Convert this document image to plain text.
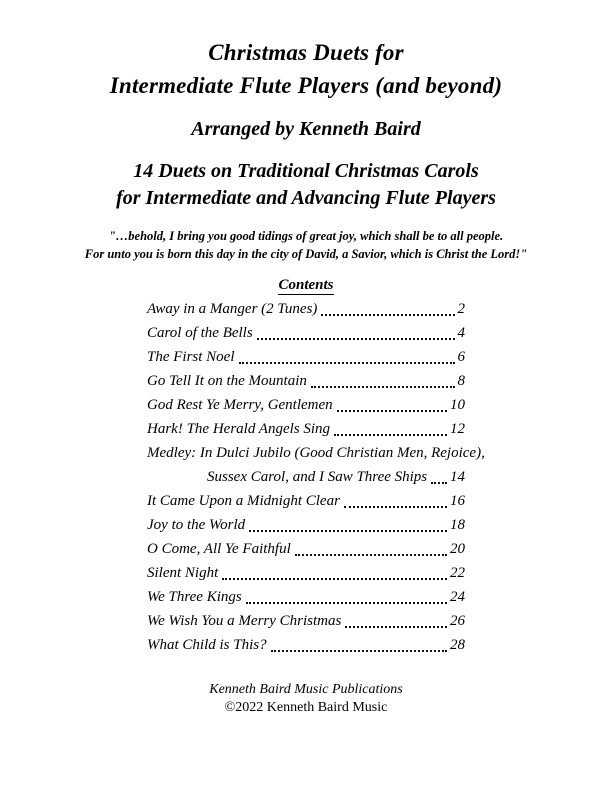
Christmas Duets for
Intermediate Flute Players (and beyond)
Arranged by Kenneth Baird
14 Duets on Traditional Christmas Carols
for Intermediate and Advancing Flute Players
"…behold, I bring you good tidings of great joy, which shall be to all people.
For unto you is born this day in the city of David, a Savior, which is Christ the Lord!"
Contents
Away in a Manger (2 Tunes)	2
Carol of the Bells	4
The First Noel	6
Go Tell It on the Mountain	8
God Rest Ye Merry, Gentlemen	10
Hark! The Herald Angels Sing	12
Medley: In Dulci Jubilo (Good Christian Men, Rejoice),
Sussex Carol, and I Saw Three Ships 14
It Came Upon a Midnight Clear	16
Joy to the World	18
O Come, All Ye Faithful	20
Silent Night	22
We Three Kings	24
We Wish You a Merry Christmas	26
What Child is This?	28
Kenneth Baird Music Publications
©2022 Kenneth Baird Music
